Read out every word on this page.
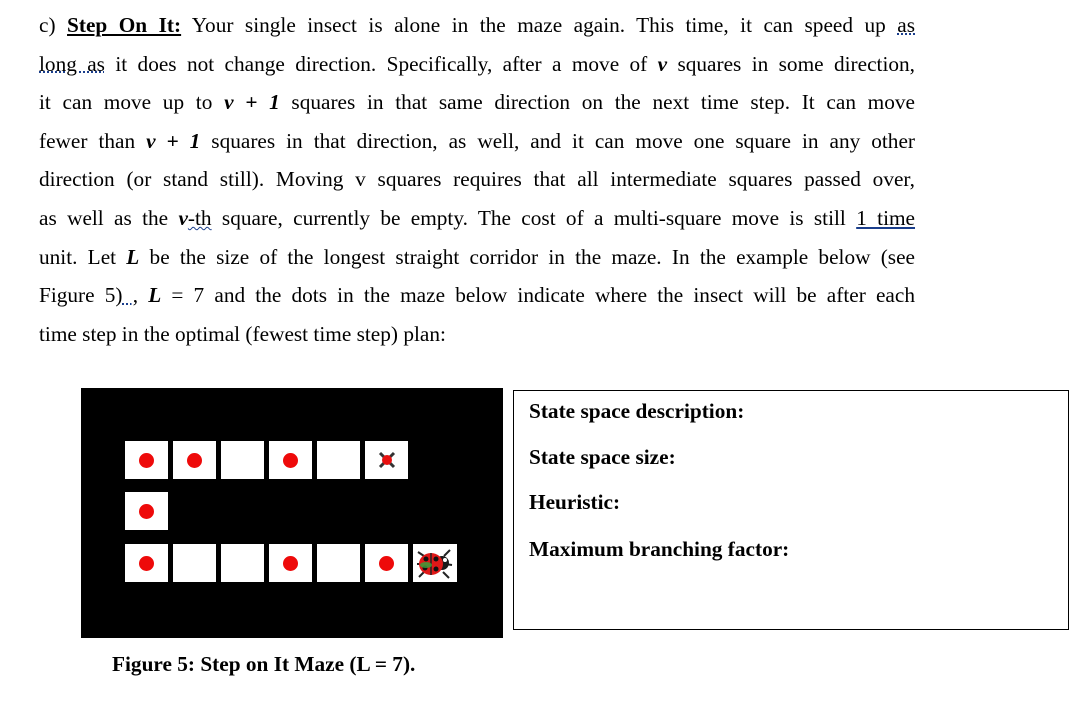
c) Step On It: Your single insect is alone in the maze again. This time, it can speed up as
long as it does not change direction. Specifically, after a move of v squares in some direction,
it can move up to v + 1 squares in that same direction on the next time step. It can move
fewer than v + 1 squares in that direction, as well, and it can move one square in any other
direction (or stand still). Moving v squares requires that all intermediate squares passed over,
as well as the v-th square, currently be empty. The cost of a multi-square move is still 1 time
unit. Let L be the size of the longest straight corridor in the maze. In the example below (see
Figure 5) , L = 7 and the dots in the maze below indicate where the insect will be after each
time step in the optimal (fewest time step) plan:
Figure 5: Step on It Maze (L = 7).
State space description:
State space size:
Heuristic:
Maximum branching factor:
